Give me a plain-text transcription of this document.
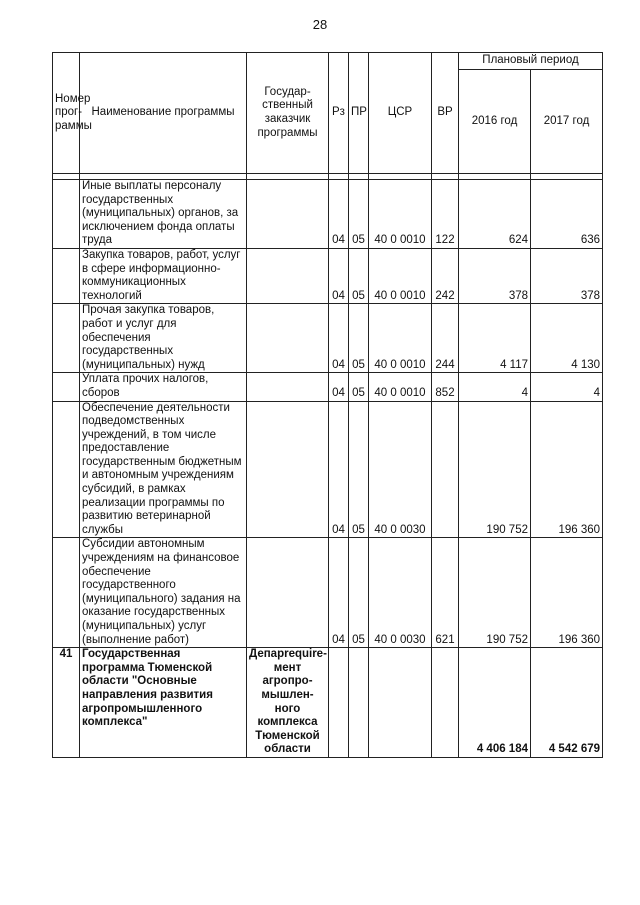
28
Номер прог-раммы	Наименование программы	Государ-ственный заказчик программы	Рз	ПР	ЦСР	ВР	Плановый период	
							2016 год	2017 год

	Иные выплаты персоналу государственных (муниципальных) органов, за исключением фонда оплаты труда		04	05	40 0 0010	122	624	636
	Закупка товаров, работ, услуг в сфере информационно-коммуникационных технологий		04	05	40 0 0010	242	378	378
	Прочая закупка товаров, работ и услуг для обеспечения государственных (муниципальных) нужд		04	05	40 0 0010	244	4 117	4 130
	Уплата прочих налогов, сборов		04	05	40 0 0010	852	4	4
	Обеспечение деятельности подведомственных учреждений, в том числе предоставление государственным бюджетным и автономным учреждениям субсидий, в рамках реализации программы по развитию ветеринарной службы		04	05	40 0 0030		190 752	196 360
	Субсидии автономным учреждениям на финансовое обеспечение государственного (муниципального) задания на оказание государственных (муниципальных) услуг (выполнение работ)		04	05	40 0 0030	621	190 752	196 360
41	Государственная программа Тюменской области "Основные направления развития агропромышленного комплекса"	Депарrequire-мент агропро-мышлен-ного комплекса Тюменской области					4 406 184	4 542 679
